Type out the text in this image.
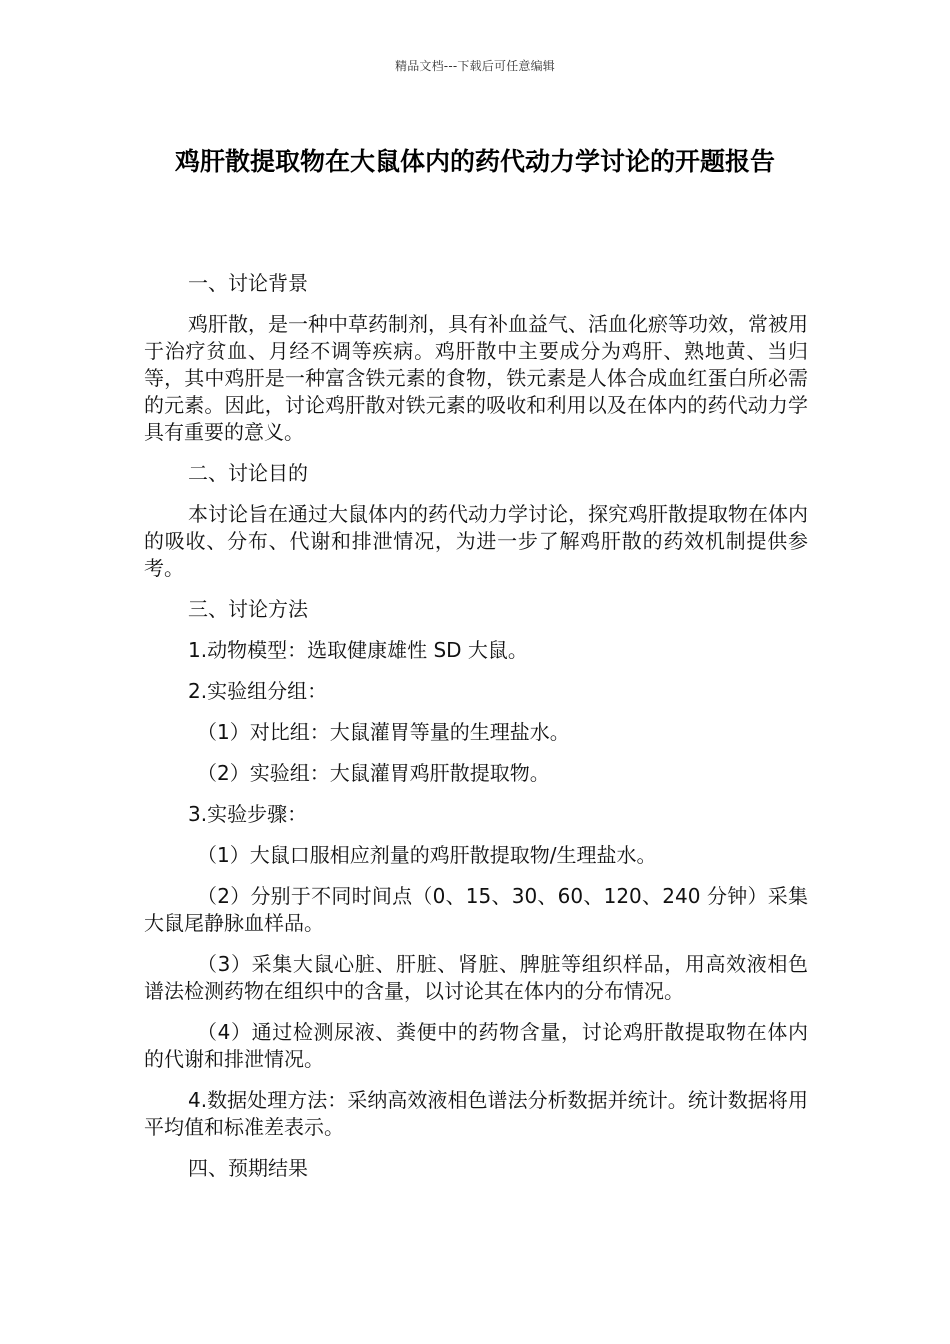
精品文档---下载后可任意编辑
鸡肝散提取物在大鼠体内的药代动力学讨论的开题报告

一、讨论背景

鸡肝散，是一种中草药制剂，具有补血益气、活血化瘀等功效，常被用于治疗贫血、月经不调等疾病。鸡肝散中主要成分为鸡肝、熟地黄、当归等，其中鸡肝是一种富含铁元素的食物，铁元素是人体合成血红蛋白所必需的元素。因此，讨论鸡肝散对铁元素的吸收和利用以及在体内的药代动力学具有重要的意义。

二、讨论目的

本讨论旨在通过大鼠体内的药代动力学讨论，探究鸡肝散提取物在体内的吸收、分布、代谢和排泄情况，为进一步了解鸡肝散的药效机制提供参考。

三、讨论方法

1.动物模型：选取健康雄性 SD 大鼠。

2.实验组分组：

（1）对比组：大鼠灌胃等量的生理盐水。

（2）实验组：大鼠灌胃鸡肝散提取物。

3.实验步骤：

（1）大鼠口服相应剂量的鸡肝散提取物/生理盐水。

（2）分别于不同时间点（0、15、30、60、120、240 分钟）采集大鼠尾静脉血样品。

（3）采集大鼠心脏、肝脏、肾脏、脾脏等组织样品，用高效液相色谱法检测药物在组织中的含量，以讨论其在体内的分布情况。

（4）通过检测尿液、粪便中的药物含量，讨论鸡肝散提取物在体内的代谢和排泄情况。

4.数据处理方法：采纳高效液相色谱法分析数据并统计。统计数据将用平均值和标准差表示。

四、预期结果
